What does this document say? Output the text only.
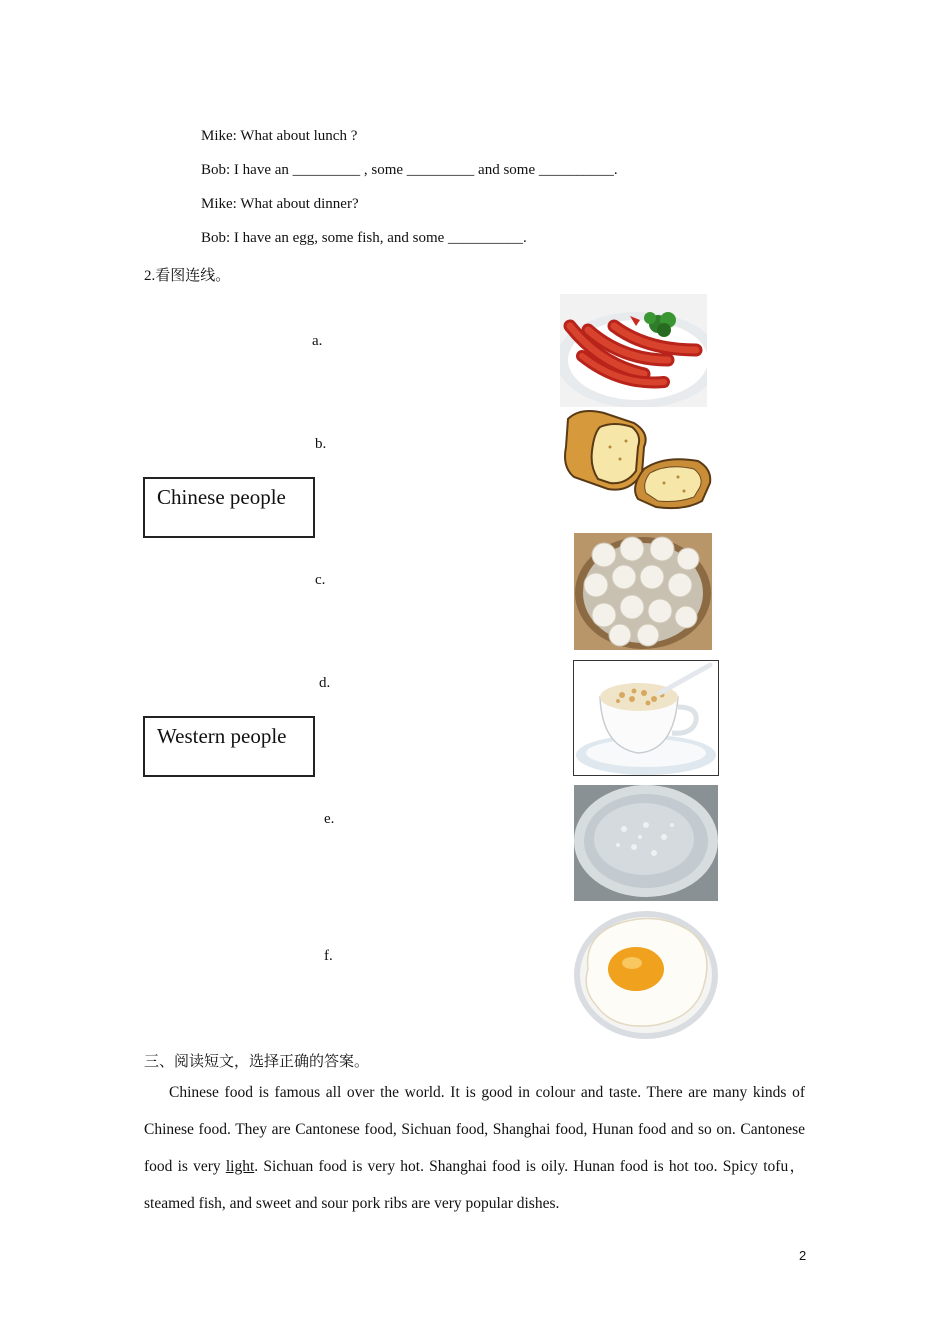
Mike: What about lunch ?
Bob: I have an _________ , some _________ and some __________.
Mike: What about dinner?
Bob: I have an egg, some fish, and some __________.
2.看图连线。
Chinese people
Western people
a.
b.
c.
d.
e.
f.
三、阅读短文，选择正确的答案。
Chinese food is famous all over the world. It is good in colour and taste. There are many kinds of Chinese food. They are Cantonese food, Sichuan food, Shanghai food, Hunan food and so on. Cantonese food is very light. Sichuan food is very hot. Shanghai food is oily. Hunan food is hot too. Spicy tofu，steamed fish, and sweet and sour pork ribs are very popular dishes.
2
